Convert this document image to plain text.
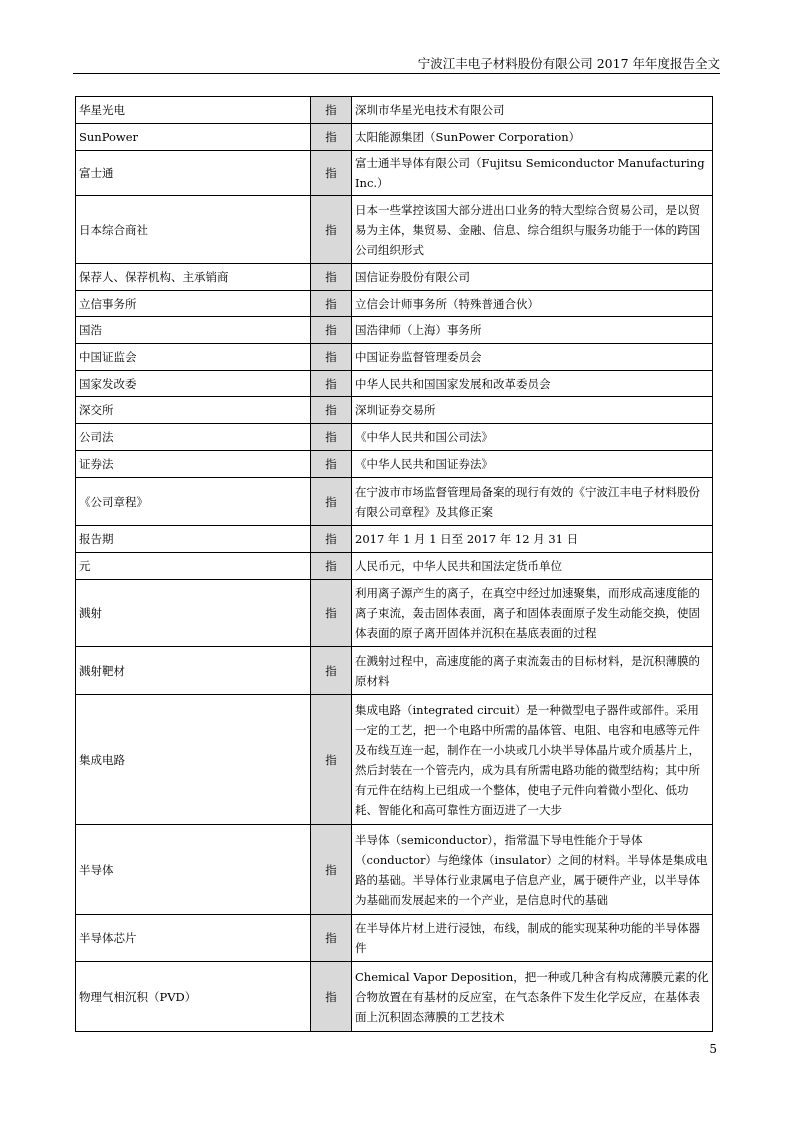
宁波江丰电子材料股份有限公司 2017 年年度报告全文
华星光电	指	深圳市华星光电技术有限公司
SunPower	指	太阳能源集团（SunPower Corporation）
富士通	指	富士通半导体有限公司（Fujitsu Semiconductor Manufacturing Inc.）
日本综合商社	指	日本一些掌控该国大部分进出口业务的特大型综合贸易公司，是以贸易为主体，集贸易、金融、信息、综合组织与服务功能于一体的跨国公司组织形式
保荐人、保荐机构、主承销商	指	国信证券股份有限公司
立信事务所	指	立信会计师事务所（特殊普通合伙）
国浩	指	国浩律师（上海）事务所
中国证监会	指	中国证券监督管理委员会
国家发改委	指	中华人民共和国国家发展和改革委员会
深交所	指	深圳证券交易所
公司法	指	《中华人民共和国公司法》
证券法	指	《中华人民共和国证券法》
《公司章程》	指	在宁波市市场监督管理局备案的现行有效的《宁波江丰电子材料股份有限公司章程》及其修正案
报告期	指	2017 年 1 月 1 日至 2017 年 12 月 31 日
元	指	人民币元，中华人民共和国法定货币单位
溅射	指	利用离子源产生的离子，在真空中经过加速聚集，而形成高速度能的离子束流，轰击固体表面，离子和固体表面原子发生动能交换，使固体表面的原子离开固体并沉积在基底表面的过程
溅射靶材	指	在溅射过程中，高速度能的离子束流轰击的目标材料，是沉积薄膜的原材料
集成电路	指	集成电路（integrated circuit）是一种微型电子器件或部件。采用一定的工艺，把一个电路中所需的晶体管、电阻、电容和电感等元件及布线互连一起，制作在一小块或几小块半导体晶片或介质基片上，然后封装在一个管壳内，成为具有所需电路功能的微型结构；其中所有元件在结构上已组成一个整体，使电子元件向着微小型化、低功耗、智能化和高可靠性方面迈进了一大步
半导体	指	半导体（semiconductor），指常温下导电性能介于导体（conductor）与绝缘体（insulator）之间的材料。半导体是集成电路的基础。半导体行业隶属电子信息产业，属于硬件产业，以半导体为基础而发展起来的一个产业，是信息时代的基础
半导体芯片	指	在半导体片材上进行浸蚀，布线，制成的能实现某种功能的半导体器件
物理气相沉积（PVD）	指	Chemical Vapor Deposition，把一种或几种含有构成薄膜元素的化合物放置在有基材的反应室，在气态条件下发生化学反应，在基体表面上沉积固态薄膜的工艺技术
5
